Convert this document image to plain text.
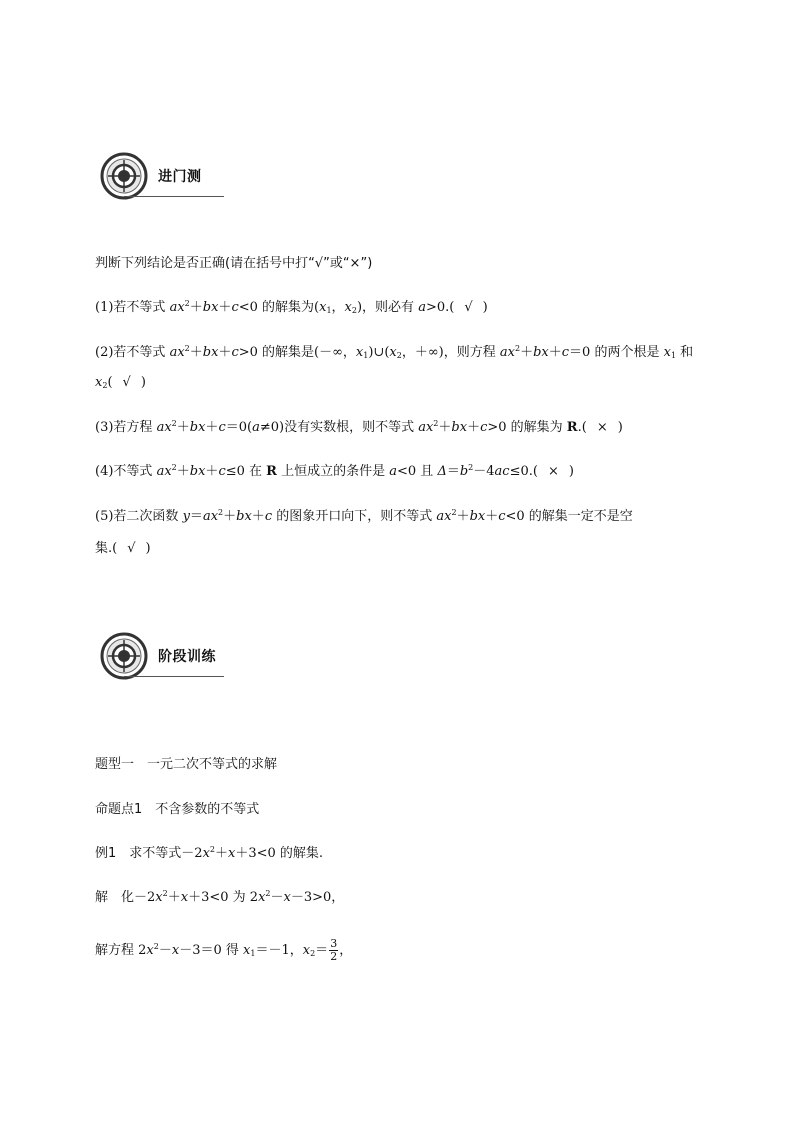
进门测
判断下列结论是否正确(请在括号中打“√”或“×”)
(1)若不等式 $ax^2+bx+c<0$ 的解集为($x_1$，$x_2$)，则必有 a>0.( √ )
(2)若不等式 $ax^2+bx+c>0$ 的解集是(－∞，$x_1)\cup(x_2$，＋∞)，则方程 $ax^2+bx+c=0$ 的两个根是 $x_1$ 和
$x_2$( √ )
(3)若方程 $ax^2+bx+c=0(a\ne 0)$没有实数根，则不等式 $ax^2+bx+c>0$ 的解集为 R.( × )
(4)不等式 $ax^2+bx+c\le 0$ 在 R 上恒成立的条件是 a<0 且 $\Delta=b^2-4ac\le 0$.( × )
(5)若二次函数 $y=ax^2+bx+c$ 的图象开口向下，则不等式 $ax^2+bx+c<0$ 的解集一定不是空
集.( √ )
阶段训练
题型一　一元二次不等式的求解
命题点1　不含参数的不等式
例1　求不等式$-2x^2+x+3<0$ 的解集.
解　化$-2x^2+x+3<0$ 为 $2x^2-x-3>0$，
解方程 $2x^2-x-3=0$ 得 $x_1=-1$，$x_2= \frac{3}{2}$ ，
